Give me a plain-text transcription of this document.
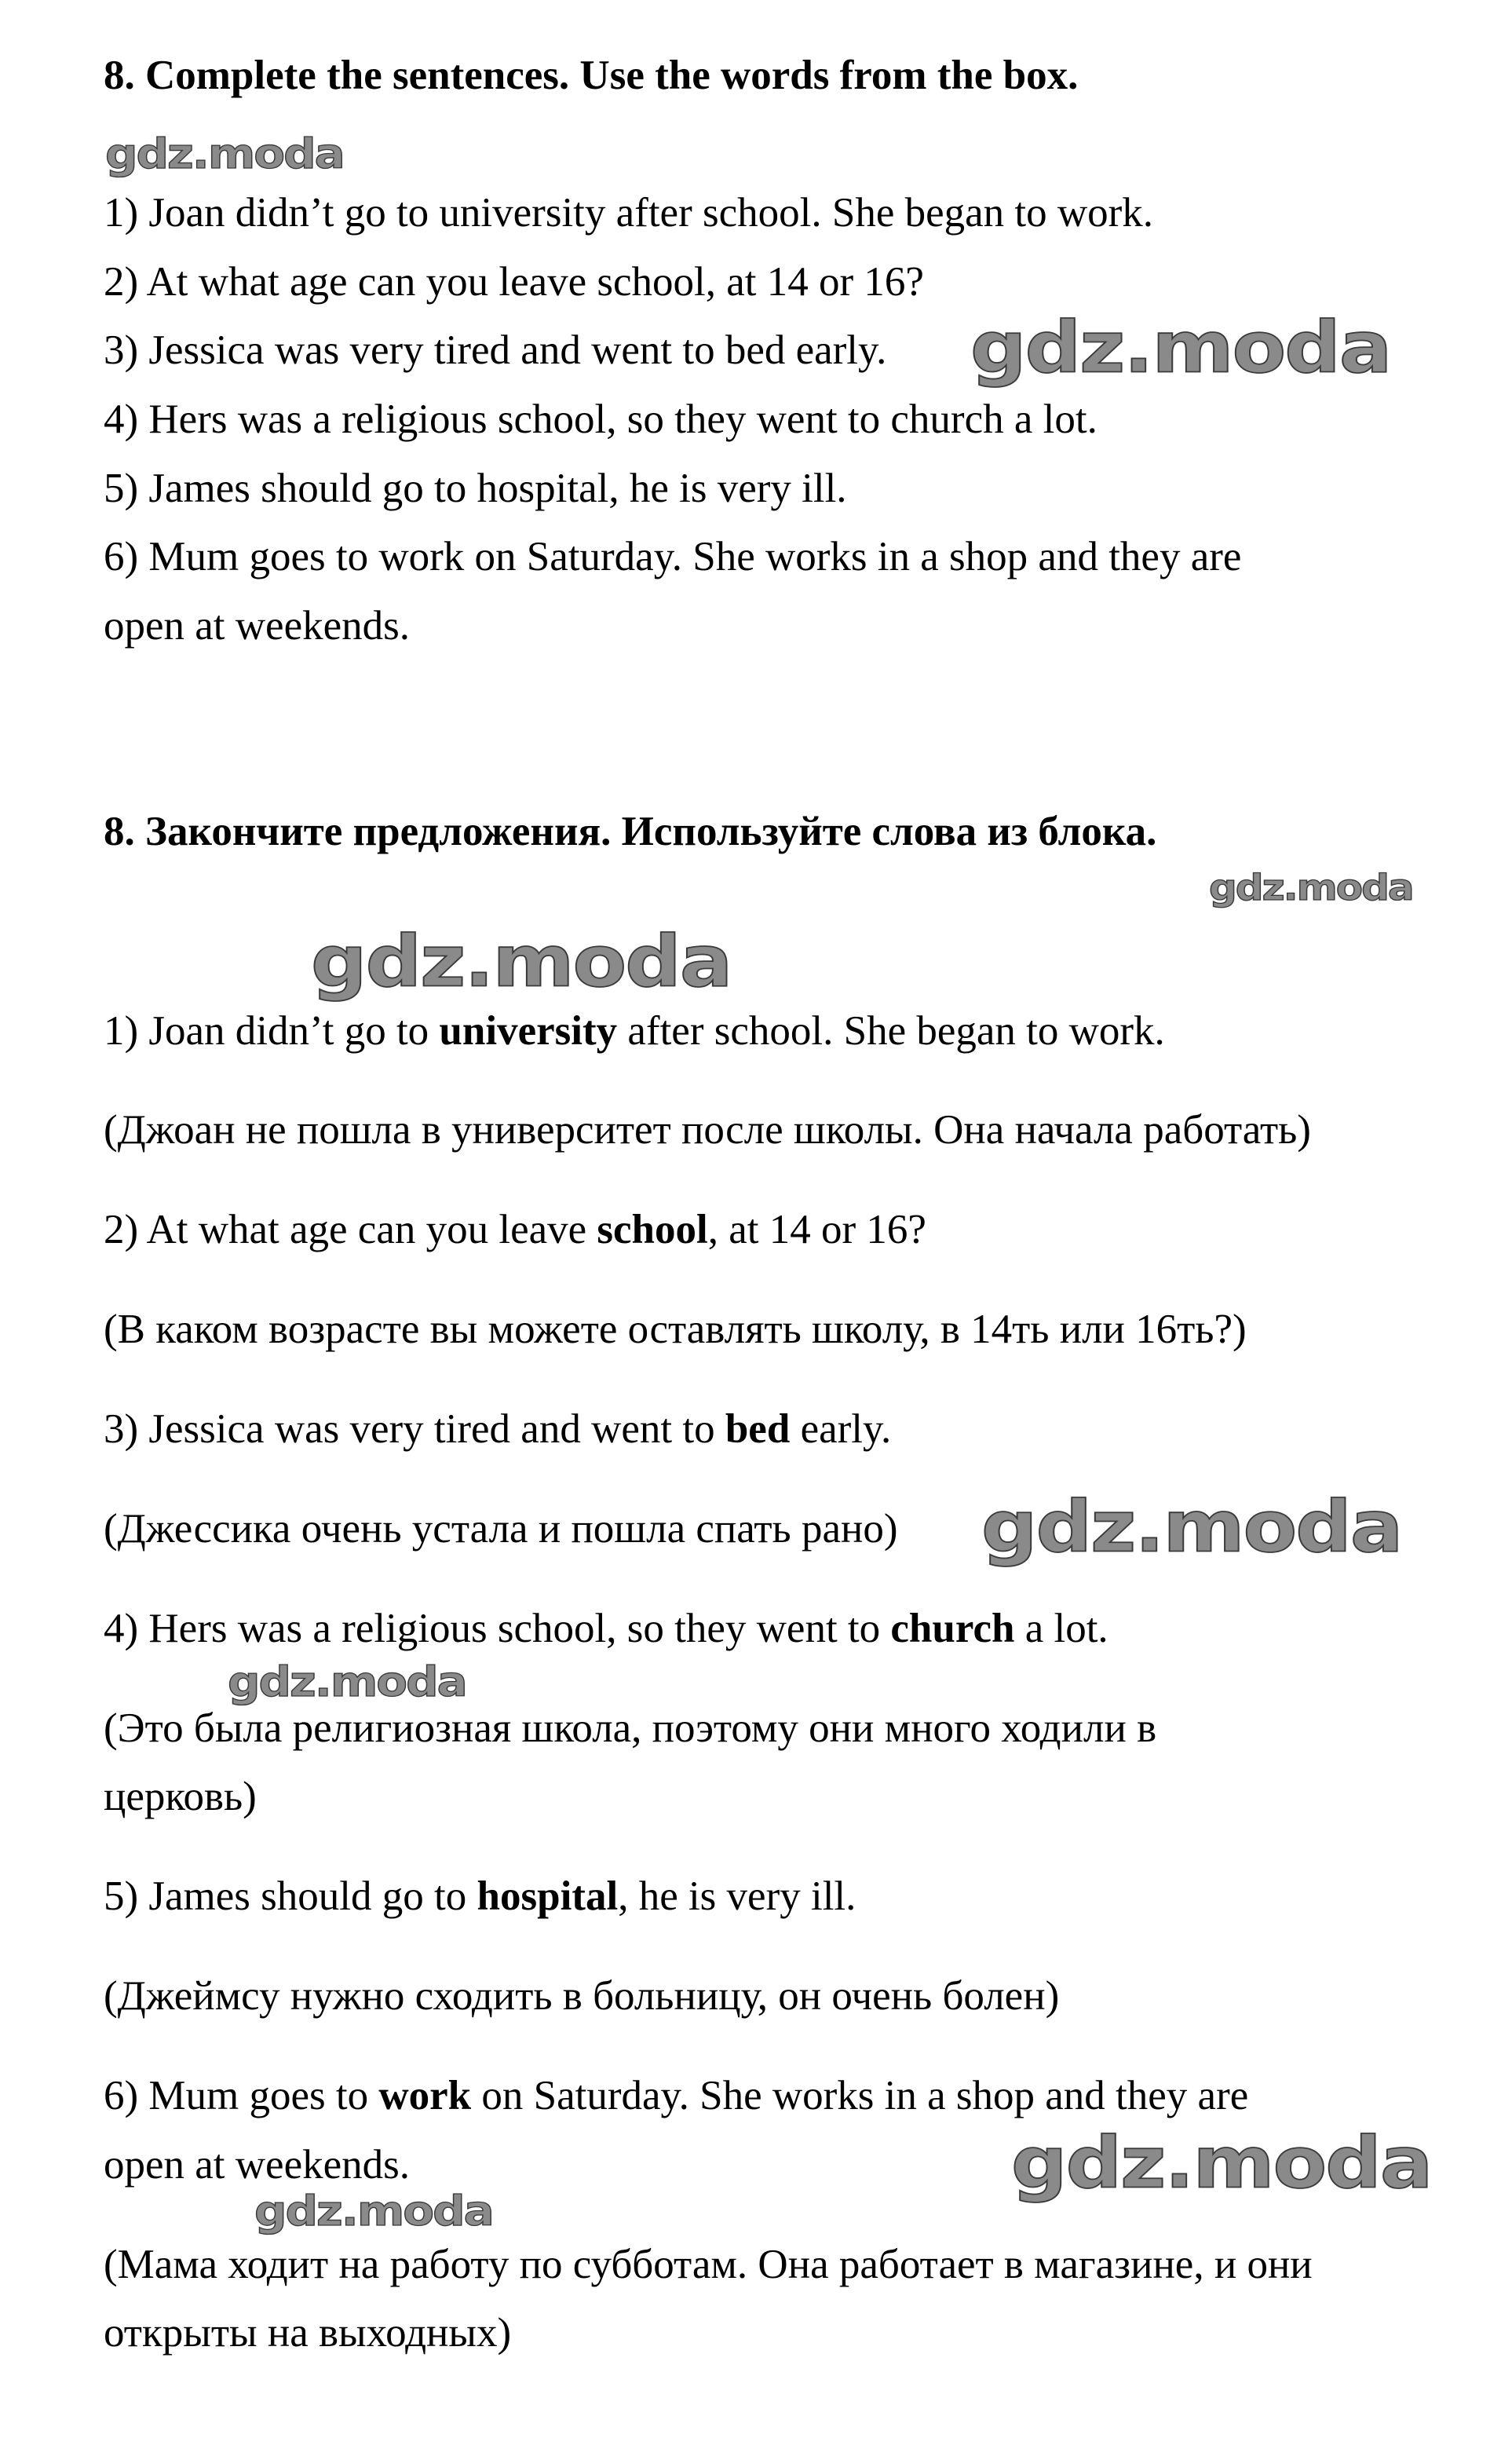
8. Complete the sentences. Use the words from the box.
1) Joan didn’t go to university after school. She began to work.
2) At what age can you leave school, at 14 or 16?
3) Jessica was very tired and went to bed early.
4) Hers was a religious school, so they went to church a lot.
5) James should go to hospital, he is very ill.
6) Mum goes to work on Saturday. She works in a shop and they are
open at weekends.
8. Закончите предложения. Используйте слова из блока.
1) Joan didn’t go to university after school. She began to work.
(Джоан не пошла в университет после школы. Она начала работать)
2) At what age can you leave school, at 14 or 16?
(В каком возрасте вы можете оставлять школу, в 14ть или 16ть?)
3) Jessica was very tired and went to bed early.
(Джессика очень устала и пошла спать рано)
4) Hers was a religious school, so they went to church a lot.
(Это была религиозная школа, поэтому они много ходили в
церковь)
5) James should go to hospital, he is very ill.
(Джеймсу нужно сходить в больницу, он очень болен)
6) Mum goes to work on Saturday. She works in a shop and they are
open at weekends.
(Мама ходит на работу по субботам. Она работает в магазине, и они
открыты на выходных)
gdz.moda
gdz.moda
gdz.moda
gdz.moda
gdz.moda
gdz.moda
gdz.moda
gdz.moda
